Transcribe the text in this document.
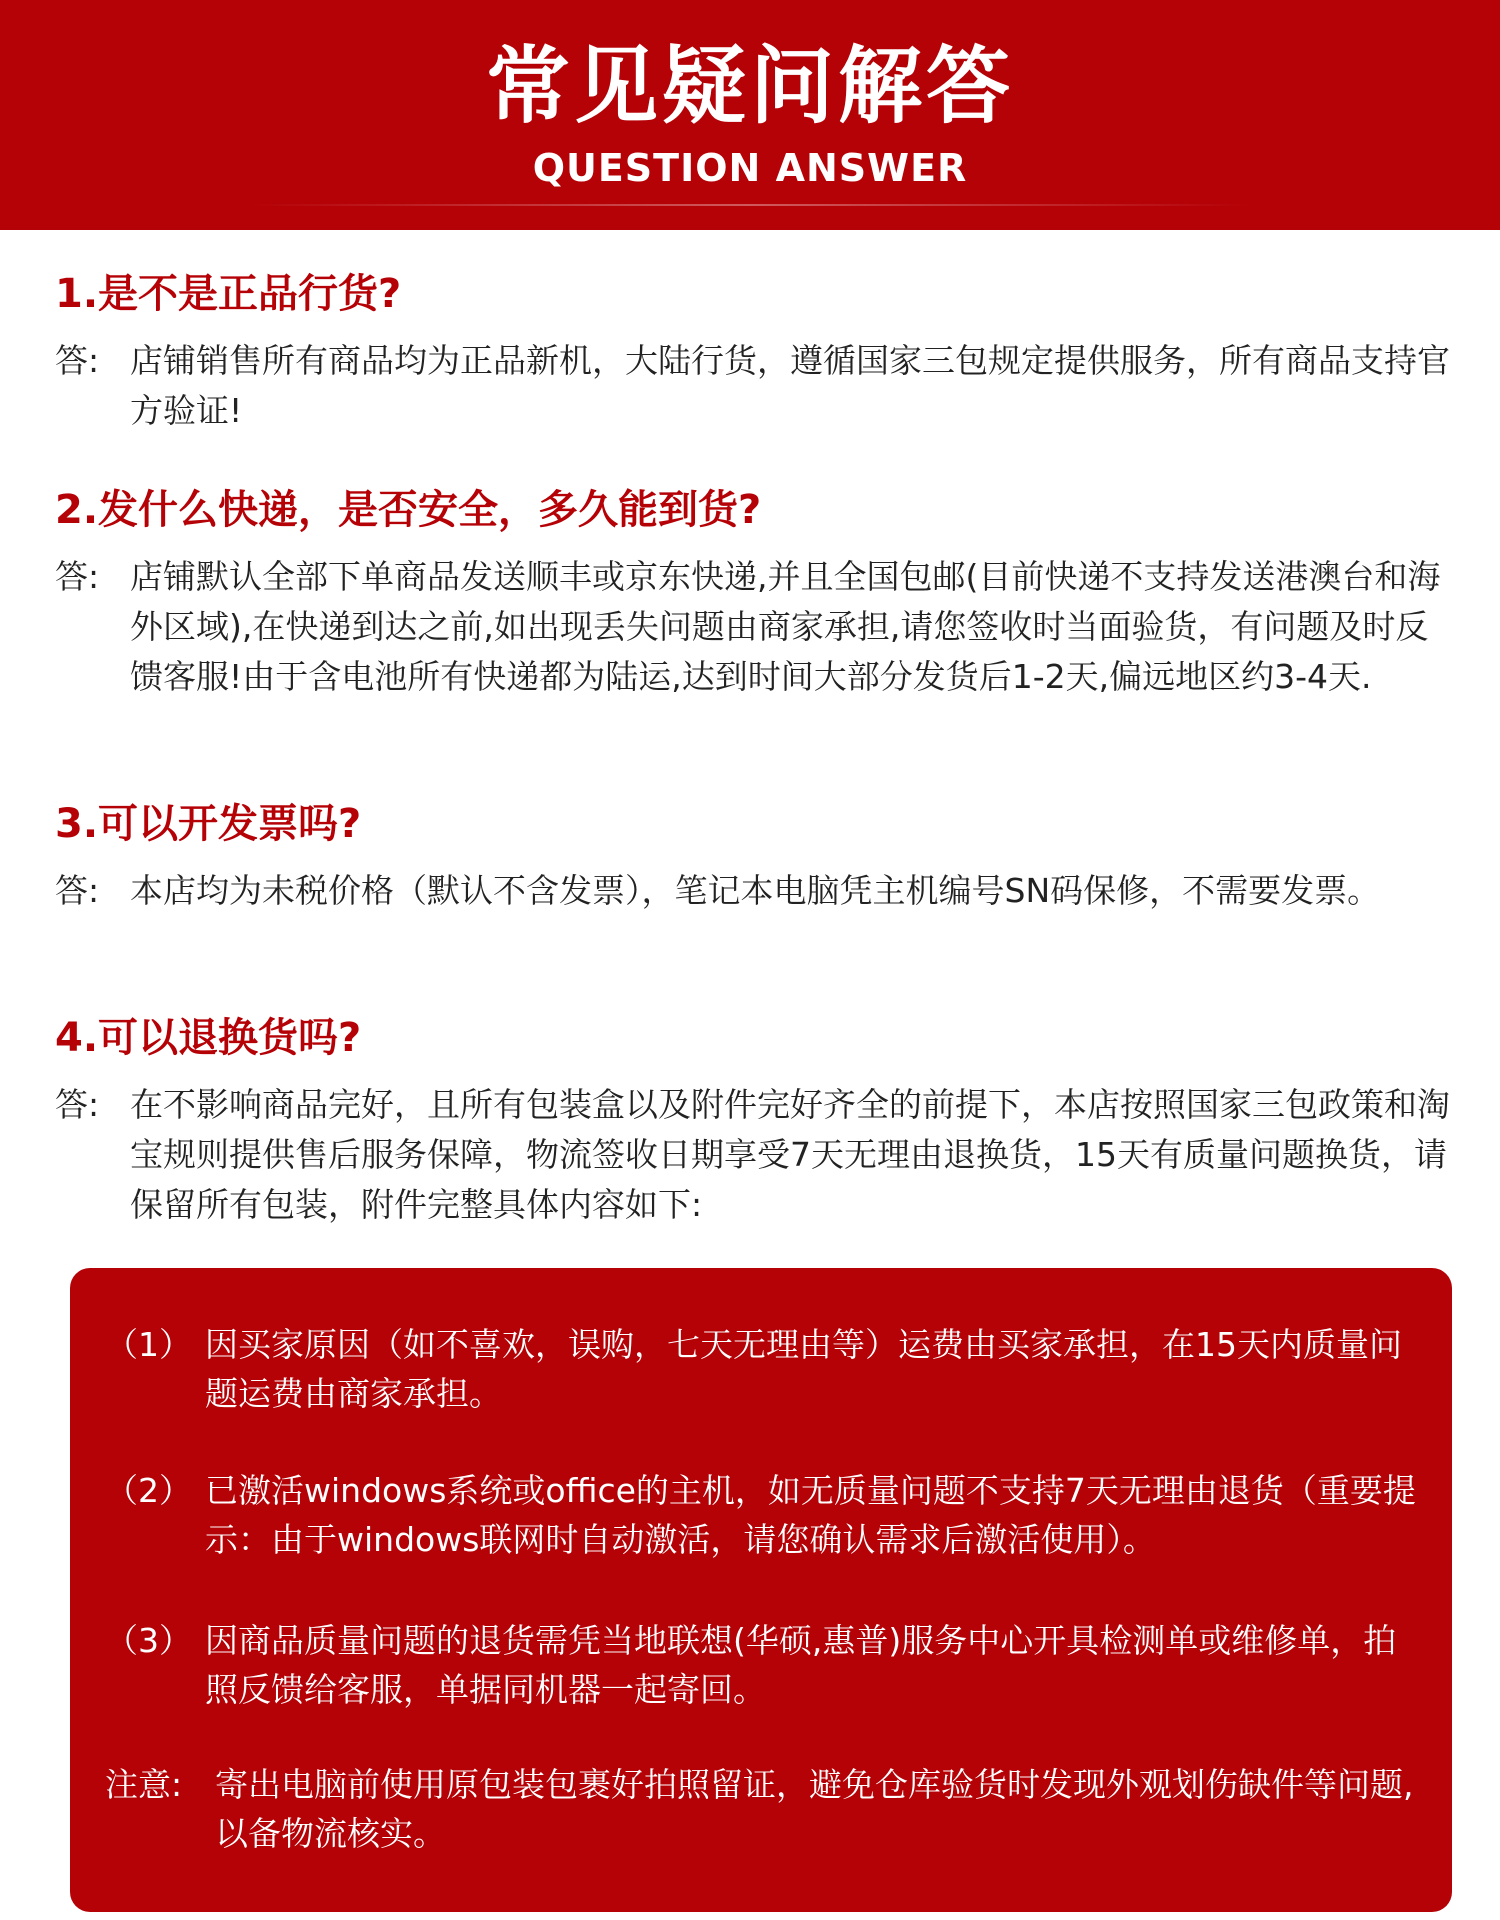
常见疑问解答
QUESTION ANSWER
1.是不是正品行货?
答: 店铺销售所有商品均为正品新机，大陆行货，遵循国家三包规定提供服务，所有商品支持官方验证!
2.发什么快递，是否安全，多久能到货?
答: 店铺默认全部下单商品发送顺丰或京东快递,并且全国包邮(目前快递不支持发送港澳台和海外区域),在快递到达之前,如出现丢失问题由商家承担,请您签收时当面验货，有问题及时反馈客服!由于含电池所有快递都为陆运,达到时间大部分发货后1-2天,偏远地区约3-4天.
3.可以开发票吗?
答: 本店均为未税价格（默认不含发票），笔记本电脑凭主机编号SN码保修，不需要发票。
4.可以退换货吗?
答: 在不影响商品完好，且所有包装盒以及附件完好齐全的前提下，本店按照国家三包政策和淘宝规则提供售后服务保障，物流签收日期享受7天无理由退换货，15天有质量问题换货，请保留所有包装，附件完整具体内容如下:
（1） 因买家原因（如不喜欢，误购，七天无理由等）运费由买家承担，在15天内质量问题运费由商家承担。
（2） 已激活windows系统或office的主机，如无质量问题不支持7天无理由退货（重要提示：由于windows联网时自动激活，请您确认需求后激活使用）。
（3） 因商品质量问题的退货需凭当地联想(华硕,惠普)服务中心开具检测单或维修单，拍照反馈给客服，单据同机器一起寄回。
注意: 寄出电脑前使用原包装包裹好拍照留证，避免仓库验货时发现外观划伤缺件等问题,以备物流核实。
